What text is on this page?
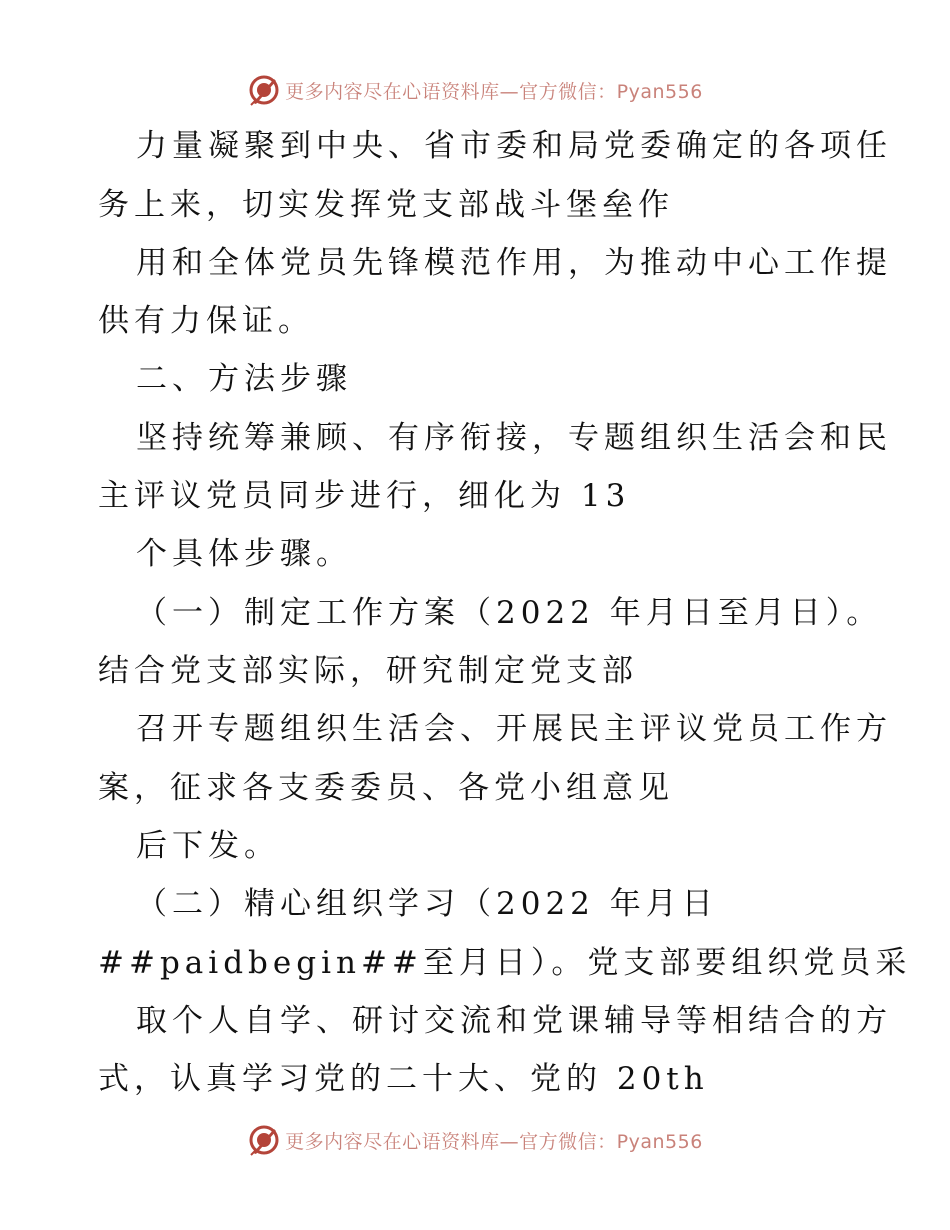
更多内容尽在心语资料库—官方微信：Pyan556
力量凝聚到中央、省市委和局党委确定的各项任
务上来，切实发挥党支部战斗堡垒作
用和全体党员先锋模范作用，为推动中心工作提
供有力保证。
二、方法步骤
坚持统筹兼顾、有序衔接，专题组织生活会和民
主评议党员同步进行，细化为 13
个具体步骤。
（一）制定工作方案（2022 年月日至月日）。
结合党支部实际，研究制定党支部
召开专题组织生活会、开展民主评议党员工作方
案，征求各支委委员、各党小组意见
后下发。
（二）精心组织学习（2022 年月日
##paidbegin##至月日）。党支部要组织党员采
取个人自学、研讨交流和党课辅导等相结合的方
式，认真学习党的二十大、党的 20th
更多内容尽在心语资料库—官方微信：Pyan556
